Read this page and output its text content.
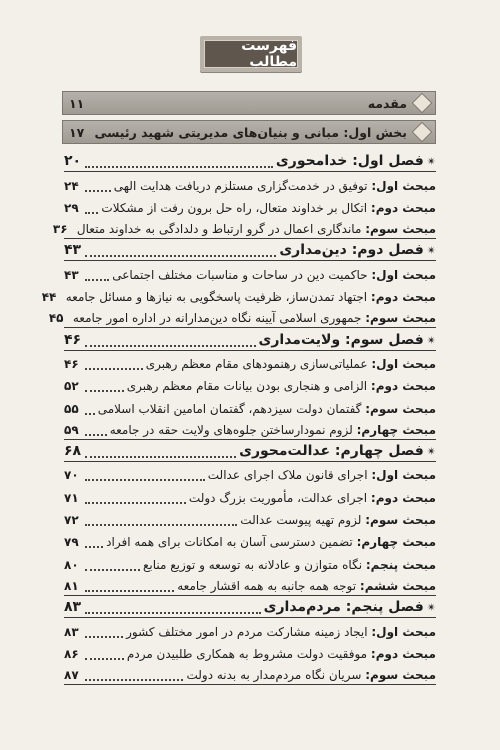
فهرست مطالب
مقدمه
۱۱
بخش اول: مبانی و بنیان‌های مدیریتی شهید رئیسی
۱۷
✴
فصل اول: خدامحوری
۲۰
مبحث اول: توفیق در خدمت‌گزاری مستلزم دریافت هدایت الهی
۲۴
مبحث دوم: اتکال بر خداوند متعال، راه حل برون رفت از مشکلات
۲۹
مبحث سوم: ماندگاری اعمال در گرو ارتباط و دلدادگی به خداوند متعال
۳۶
✴
فصل دوم: دین‌مداری
۴۳
مبحث اول: حاکمیت دین در ساحات و مناسبات مختلف اجتماعی
۴۳
مبحث دوم: اجتهاد تمدن‌ساز، ظرفیت پاسخگویی به نیازها و مسائل جامعه
۴۴
مبحث سوم: جمهوری اسلامی آیینه نگاه دین‌مدارانه در اداره امور جامعه
۴۵
✴
فصل سوم: ولایت‌مداری
۴۶
مبحث اول: عملیاتی‌سازی رهنمودهای مقام معظم رهبری
۴۶
مبحث دوم: الزامی و هنجاری بودن بیانات مقام معظم رهبری
۵۲
مبحث سوم: گفتمان دولت سیزدهم، گفتمان امامین انقلاب اسلامی
۵۵
مبحث چهارم: لزوم نمودارساختن جلوه‌های ولایت حقه در جامعه
۵۹
✴
فصل چهارم: عدالت‌محوری
۶۸
مبحث اول: اجرای قانون ملاک اجرای عدالت
۷۰
مبحث دوم: اجرای عدالت، مأموریت بزرگ دولت
۷۱
مبحث سوم: لزوم تهیه پیوست عدالت
۷۲
مبحث چهارم: تضمین دسترسی آسان به امکانات برای همه افراد
۷۹
مبحث پنجم: نگاه متوازن و عادلانه به توسعه و توزیع منابع
۸۰
مبحث ششم: توجه همه جانبه به همه اقشار جامعه
۸۱
✴
فصل پنجم: مردم‌مداری
۸۳
مبحث اول: ایجاد زمینه مشارکت مردم در امور مختلف کشور
۸۳
مبحث دوم: موفقیت دولت مشروط به همکاری طلبیدن مردم
۸۶
مبحث سوم: سریان نگاه مردم‌مدار به بدنه دولت
۸۷
